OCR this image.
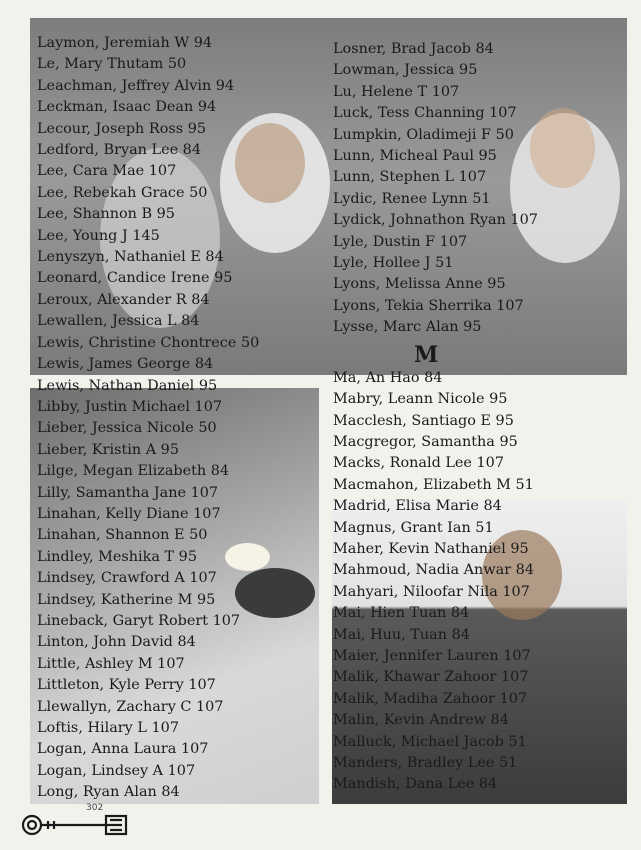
Laymon, Jeremiah W 94
Le, Mary Thutam 50
Leachman, Jeffrey Alvin 94
Leckman, Isaac Dean 94
Lecour, Joseph Ross 95
Ledford, Bryan Lee 84
Lee, Cara Mae 107
Lee, Rebekah Grace 50
Lee, Shannon B 95
Lee, Young J 145
Lenyszyn, Nathaniel E 84
Leonard, Candice Irene 95
Leroux, Alexander R 84
Lewallen, Jessica L 84
Lewis, Christine Chontrece 50
Lewis, James George 84
Lewis, Nathan Daniel 95
Libby, Justin Michael 107
Lieber, Jessica Nicole 50
Lieber, Kristin A 95
Lilge, Megan Elizabeth 84
Lilly, Samantha Jane 107
Linahan, Kelly Diane 107
Linahan, Shannon E 50
Lindley, Meshika T 95
Lindsey, Crawford A 107
Lindsey, Katherine M 95
Lineback, Garyt Robert 107
Linton, John David 84
Little, Ashley M 107
Littleton, Kyle Perry 107
Llewallyn, Zachary C 107
Loftis, Hilary L 107
Logan, Anna Laura 107
Logan, Lindsey A 107
Long, Ryan Alan 84
Losner, Brad Jacob 84
Lowman, Jessica 95
Lu, Helene T 107
Luck, Tess Channing 107
Lumpkin, Oladimeji F 50
Lunn, Micheal Paul 95
Lunn, Stephen L 107
Lydic, Renee Lynn 51
Lydick, Johnathon Ryan 107
Lyle, Dustin F 107
Lyle, Hollee J 51
Lyons, Melissa Anne 95
Lyons, Tekia Sherrika 107
Lysse, Marc Alan 95
Ma, An Hao 84
Mabry, Leann Nicole 95
Macclesh, Santiago E 95
Macgregor, Samantha 95
Macks, Ronald Lee 107
Macmahon, Elizabeth M 51
Madrid, Elisa Marie 84
Magnus, Grant Ian 51
Maher, Kevin Nathaniel 95
Mahmoud, Nadia Anwar 84
Mahyari, Niloofar Nila 107
Mai, Hien Tuan 84
Mai, Huu, Tuan 84
Maier, Jennifer Lauren 107
Malik, Khawar Zahoor 107
Malik, Madiha Zahoor 107
Malin, Kevin Andrew 84
Malluck, Michael Jacob 51
Manders, Bradley Lee 51
Mandish, Dana Lee 84
M
302
